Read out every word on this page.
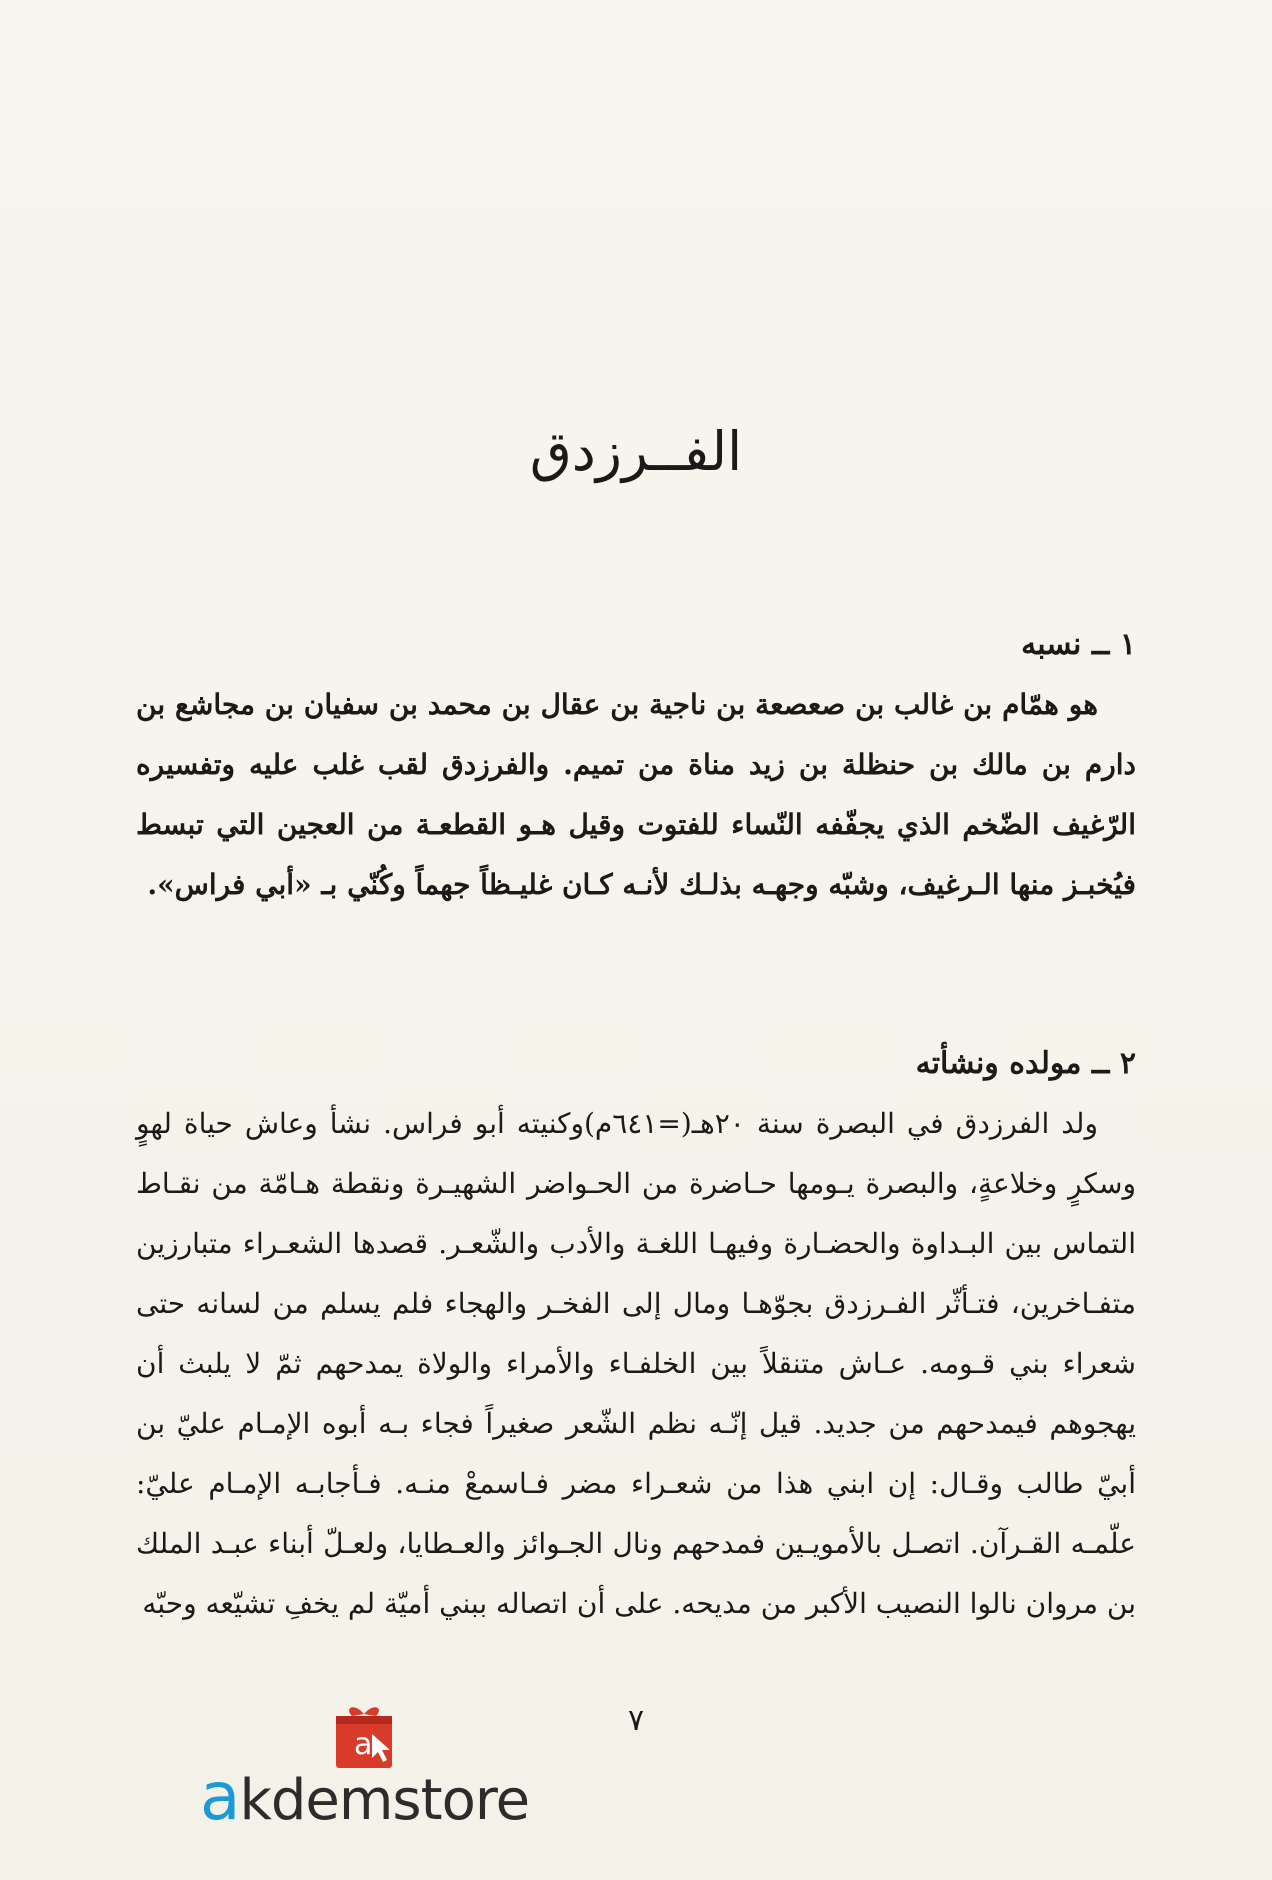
الفــرزدق
١ ــ نسبه

هو همّام بن غالب بن صعصعة بن ناجية بن عقال بن محمد بن سفيان بن مجاشع بن دارم بن مالك بن حنظلة بن زيد مناة من تميم. والفرزدق لقب غلب عليه وتفسيره الرّغيف الضّخم الذي يجفّفه النّساء للفتوت وقيل هـو القطعـة من العجين التي تبسط فيُخبـز منها الـرغيف، وشبّه وجهـه بذلـك لأنـه كـان غليـظاً جهماً وكُنّي بـ «أبي فراس».

٢ ــ مولده ونشأته

ولد الفرزدق في البصرة سنة ٢٠هـ(=٦٤١م)وكنيته أبو فراس. نشأ وعاش حياة لهوٍ وسكرٍ وخلاعةٍ، والبصرة يـومها حـاضرة من الحـواضر الشهيـرة ونقطة هـامّة من نقـاط التماس بين البـداوة والحضـارة وفيهـا اللغـة والأدب والشّعـر. قصدها الشعـراء متبارزين متفـاخرين، فتـأثّر الفـرزدق بجوّهـا ومال إلى الفخـر والهجاء فلم يسلم من لسانه حتى شعراء بني قـومه. عـاش متنقلاً بين الخلفـاء والأمراء والولاة يمدحهم ثمّ لا يلبث أن يهجوهم فيمدحهم من جديد. قيل إنّـه نظم الشّعر صغيراً فجاء بـه أبوه الإمـام عليّ بن أبيّ طالب وقـال: إن ابني هذا من شعـراء مضر فـاسمعْ منـه. فـأجابـه الإمـام عليّ: علّمـه القـرآن. اتصـل بالأمويـين فمدحهم ونال الجـوائز والعـطايا، ولعـلّ أبناء عبـد الملك بن مروان نالوا النصيب الأكبر من مديحه. على أن اتصاله ببني أميّة لم يخفِ تشيّعه وحبّه

٧
a
akdemstore
